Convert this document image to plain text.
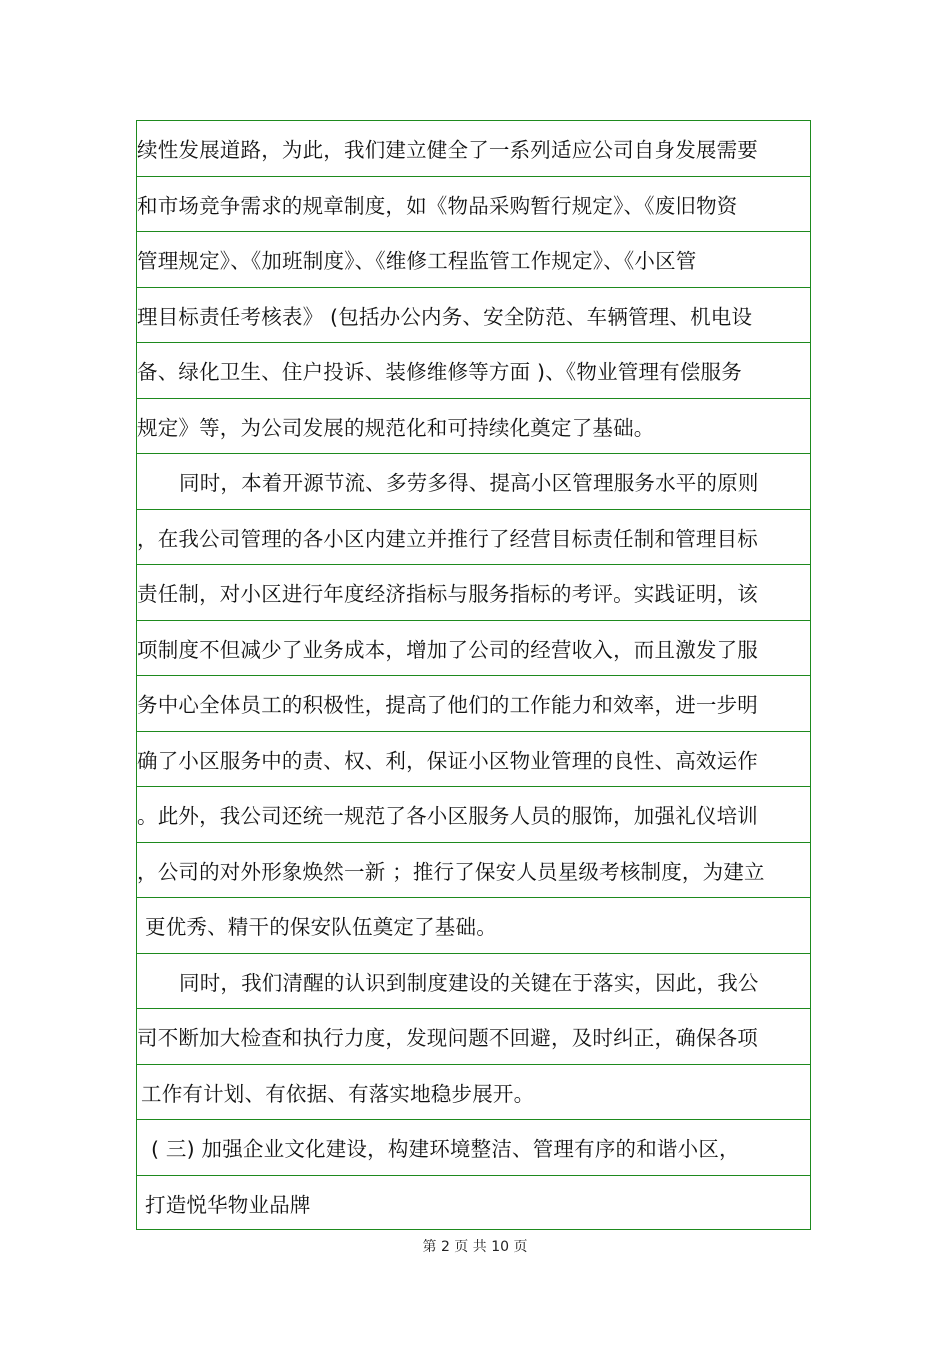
续性发展道路，为此，我们建立健全了一系列适应公司自身发展需要
和市场竞争需求的规章制度，如《物品采购暂行规定》、《废旧物资
管理规定》、《加班制度》、《维修工程监管工作规定》、《小区管
理目标责任考核表》 (包括办公内务、安全防范、车辆管理、机电设
备、绿化卫生、住户投诉、装修维修等方面 )、《物业管理有偿服务
规定》等，为公司发展的规范化和可持续化奠定了基础。
同时，本着开源节流、多劳多得、提高小区管理服务水平的原则
，在我公司管理的各小区内建立并推行了经营目标责任制和管理目标
责任制，对小区进行年度经济指标与服务指标的考评。实践证明，该
项制度不但减少了业务成本，增加了公司的经营收入，而且激发了服
务中心全体员工的积极性，提高了他们的工作能力和效率，进一步明
确了小区服务中的责、权、利，保证小区物业管理的良性、高效运作
。此外，我公司还统一规范了各小区服务人员的服饰，加强礼仪培训
，公司的对外形象焕然一新 ；推行了保安人员星级考核制度，为建立
更优秀、精干的保安队伍奠定了基础。
同时，我们清醒的认识到制度建设的关键在于落实，因此，我公
司不断加大检查和执行力度，发现问题不回避，及时纠正，确保各项
工作有计划、有依据、有落实地稳步展开。
( 三) 加强企业文化建设，构建环境整洁、管理有序的和谐小区，
打造悦华物业品牌
第 2 页 共 10 页
